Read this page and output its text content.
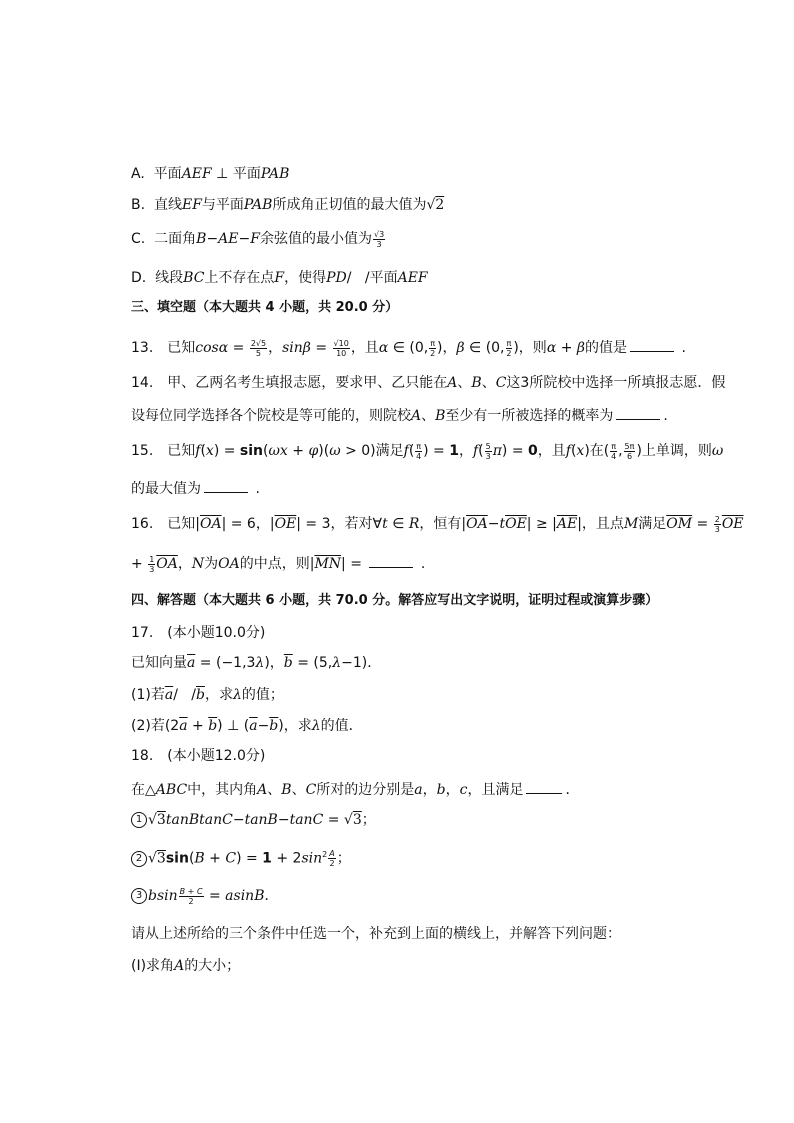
A.  平面AEF ⊥ 平面PAB
B.  直线EF与平面PAB所成角正切值的最大值为√2
C.  二面角B−AE−F余弦值的最小值为 $\frac{√3}{3}$
D.  线段BC上不存在点F，使得PD/   /平面AEF
三、填空题（本大题共 4 小题，共 20.0 分）
13. 已知$\cos\alpha = \frac{2√5}{5}$ ，$\sin\beta = \frac{√10}{10}$ ，且α ∈ (0, $\frac{\pi}{2}$ )，β ∈ (0, $\frac{\pi}{2}$ )，则α + β的值是	.
14. 甲、乙两名考生填报志愿，要求甲、乙只能在A、B、C这3所院校中选择一所填报志愿．假
设每位同学选择各个院校是等可能的，则院校A、B至少有一所被选择的概率为	.
15. 已知f(x) = sin(ωx + φ)(ω > 0)满足$f( \frac{\pi}{4}$ ) = 1，$f( \frac{5}{3} \pi) = 0$，且f(x)在( $\frac{\pi}{4}$ , $\frac{5\pi}{6}$ )上单调，则ω
的最大值为	.
16. 已知$|\overline{OA}| = 6$，$|\overline{OE}| = 3$，若对∀t ∈ R，恒有$|\overline{OA}-t\overline{OE}| \ge |\overline{AE}|$，且点M满足$\overline{OM} = \frac{2}{3} \overline{OE}$
+ $\frac{1}{3} \overline{OA}$，N为OA的中点，则$|\overline{MN}|$ =	.
四、解答题（本大题共 6 小题，共 70.0 分。解答应写出文字说明，证明过程或演算步骤）
17. (本小题10.0分)
已知向量$\overline{a} = (-1,3\lambda)$，$\overline{b} = (5,\lambda-1)$．
(1)若$\overline{a}/$   $/\overline{b}$，求λ的值；
(2)若$(2\overline{a} + \overline{b})$ ⊥ $(\overline{a}-\overline{b})$，求λ的值．
18. (本小题12.0分)
在△ABC中，其内角A、B、C所对的边分别是a，b，c，且满足	．
1 √3tanBtanC−tanB−tanC = √3；
2 $√3\sin(B + C) = 1 + 2\sin^2 \frac{A}{2}$ ；
3 bsin $\frac{B + C}{2} = asinB$．
请从上述所给的三个条件中任选一个，补充到上面的横线上，并解答下列问题：
(Ⅰ)求角A的大小；
